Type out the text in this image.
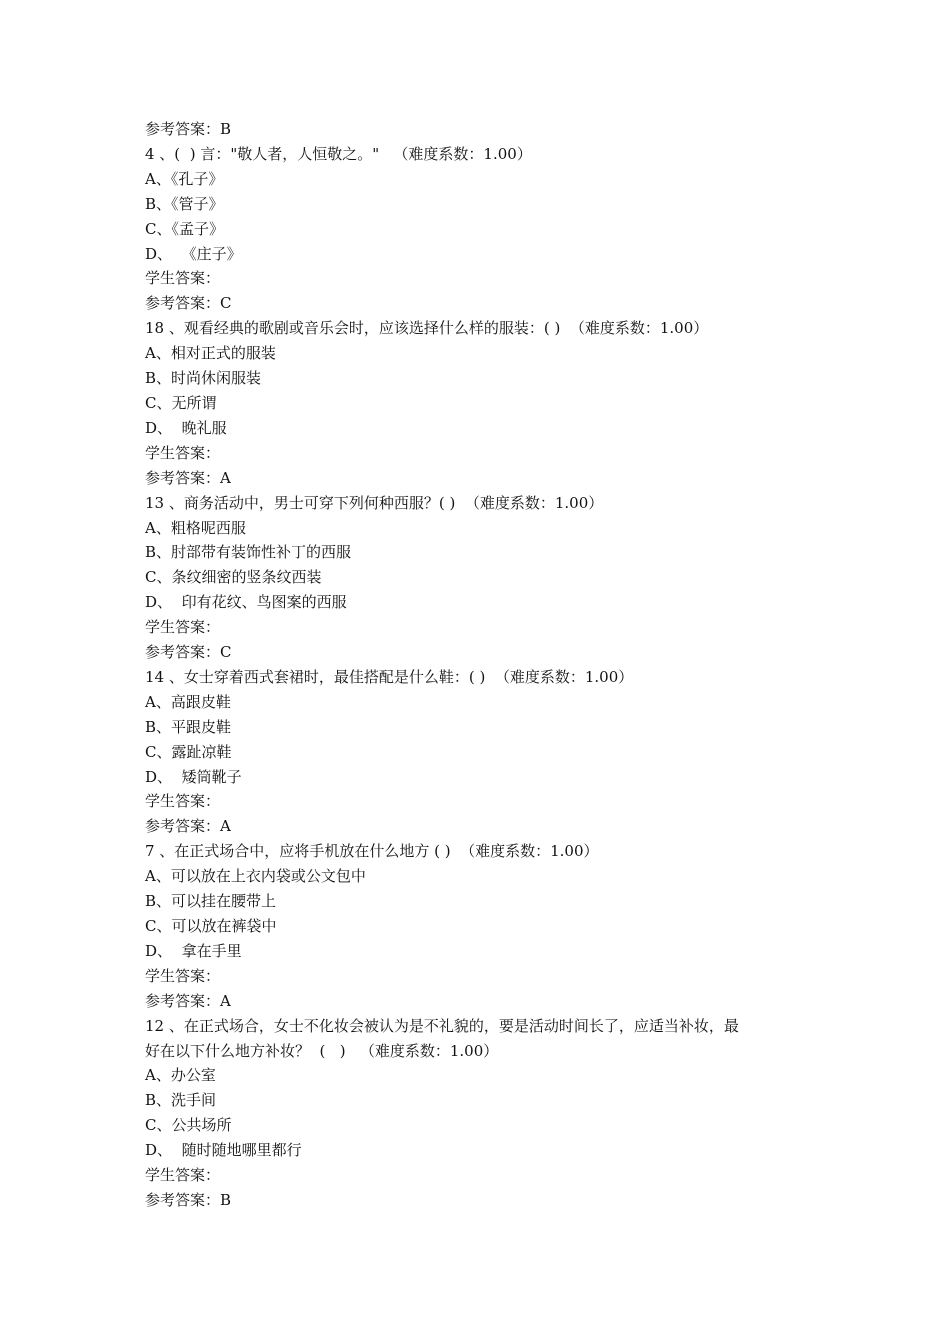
参考答案：B

4 、(  ) 言："敬人者，人恒敬之。"   （难度系数：1.00）

A、《孔子》

B、《管子》

C、《孟子》

D、  《庄子》

学生答案：

参考答案：C

18 、观看经典的歌剧或音乐会时，应该选择什么样的服装：( )  （难度系数：1.00）

A、相对正式的服装

B、时尚休闲服装

C、无所谓

D、  晚礼服

学生答案：

参考答案：A

13 、商务活动中，男士可穿下列何种西服？( )  （难度系数：1.00）

A、粗格呢西服

B、肘部带有装饰性补丁的西服

C、条纹细密的竖条纹西装

D、  印有花纹、鸟图案的西服

学生答案：

参考答案：C

14 、女士穿着西式套裙时，最佳搭配是什么鞋：( )  （难度系数：1.00）

A、高跟皮鞋

B、平跟皮鞋

C、露趾凉鞋

D、  矮筒靴子

学生答案：

参考答案：A

7 、在正式场合中，应将手机放在什么地方 ( )  （难度系数：1.00）

A、可以放在上衣内袋或公文包中

B、可以挂在腰带上

C、可以放在裤袋中

D、  拿在手里

学生答案：

参考答案：A

12 、在正式场合，女士不化妆会被认为是不礼貌的，要是活动时间长了，应适当补妆，最

好在以下什么地方补妆？  (   )   （难度系数：1.00）

A、办公室

B、洗手间

C、公共场所

D、  随时随地哪里都行

学生答案：

参考答案：B
